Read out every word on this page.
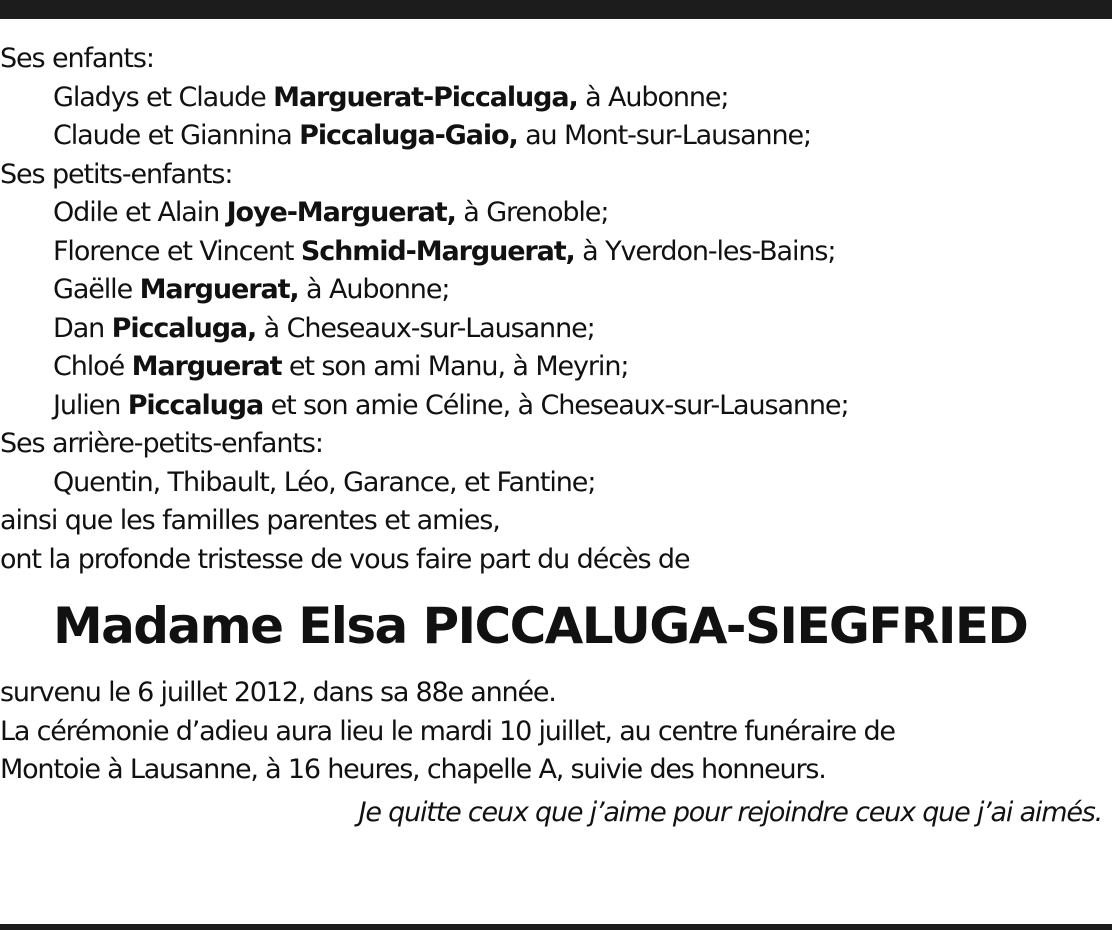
Ses enfants:
Gladys et Claude Marguerat-Piccaluga, à Aubonne;
Claude et Giannina Piccaluga-Gaio, au Mont-sur-Lausanne;
Ses petits-enfants:
Odile et Alain Joye-Marguerat, à Grenoble;
Florence et Vincent Schmid-Marguerat, à Yverdon-les-Bains;
Gaëlle Marguerat, à Aubonne;
Dan Piccaluga, à Cheseaux-sur-Lausanne;
Chloé Marguerat et son ami Manu, à Meyrin;
Julien Piccaluga et son amie Céline, à Cheseaux-sur-Lausanne;
Ses arrière-petits-enfants:
Quentin, Thibault, Léo, Garance, et Fantine;
ainsi que les familles parentes et amies,
ont la profonde tristesse de vous faire part du décès de
Madame Elsa PICCALUGA-SIEGFRIED
survenu le 6 juillet 2012, dans sa 88e année.
La cérémonie d’adieu aura lieu le mardi 10 juillet, au centre funéraire de
Montoie à Lausanne, à 16 heures, chapelle A, suivie des honneurs.
Je quitte ceux que j’aime pour rejoindre ceux que j’ai aimés.
